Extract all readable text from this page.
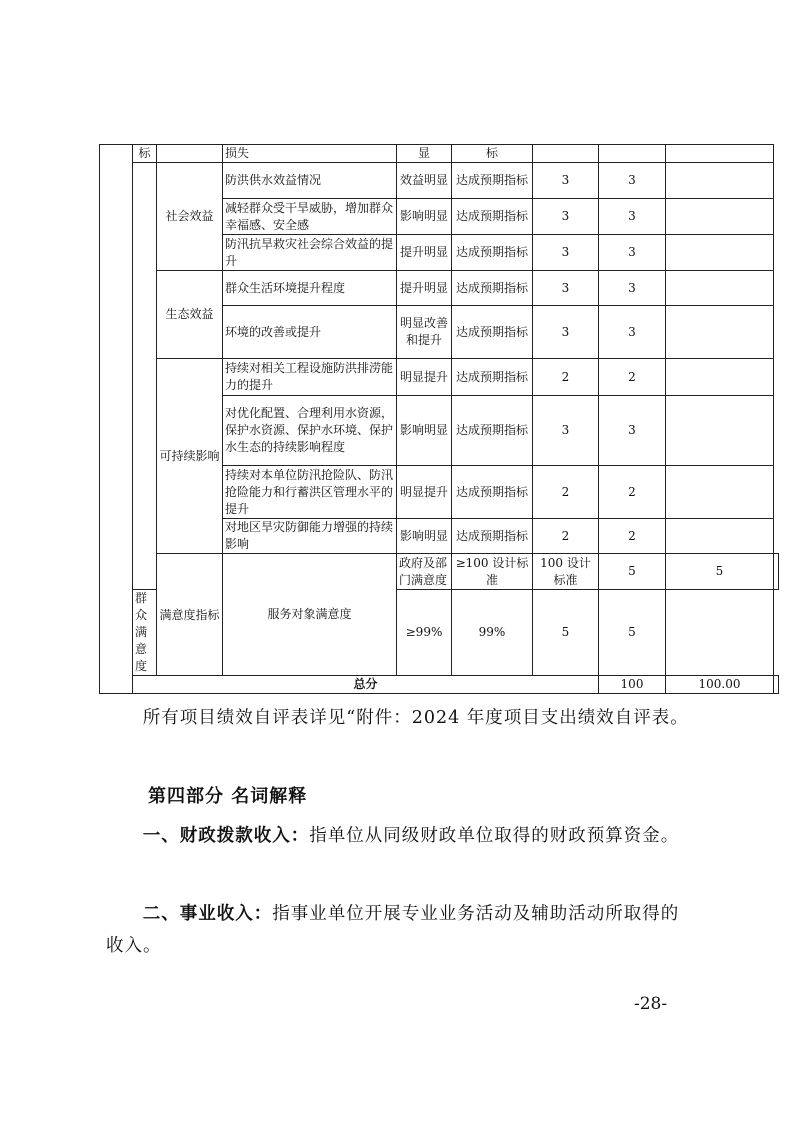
	标		损失	显	标				
		社会效益	防洪供水效益情况	效益明显	达成预期指标	3	3		
			减轻群众受干旱威胁，增加群众幸福感、安全感	影响明显	达成预期指标	3	3		
			防汛抗旱救灾社会综合效益的提升	提升明显	达成预期指标	3	3		
		生态效益	群众生活环境提升程度	提升明显	达成预期指标	3	3		
			环境的改善或提升	明显改善和提升	达成预期指标	3	3		
		可持续影响	持续对相关工程设施防洪排涝能力的提升	明显提升	达成预期指标	2	2		
			对优化配置、合理利用水资源，保护水资源、保护水环境、保护水生态的持续影响程度	影响明显	达成预期指标	3	3		
			持续对本单位防汛抢险队、防汛抢险能力和行蓄洪区管理水平的提升	明显提升	达成预期指标	2	2		
			对地区旱灾防御能力增强的持续影响	影响明显	达成预期指标	2	2		
		满意度指标	服务对象满意度	政府及部门满意度	≥100 设计标准	100 设计标准	5	5	
	群众满意度			≥99%	99%	5	5		
	总分						100	100.00	

所有项目绩效自评表详见“附件：2024 年度项目支出绩效自评表。

第四部分 名词解释

一、财政拨款收入：指单位从同级财政单位取得的财政预算资金。

二、事业收入：指事业单位开展专业业务活动及辅助活动所取得的收入。

-28-
